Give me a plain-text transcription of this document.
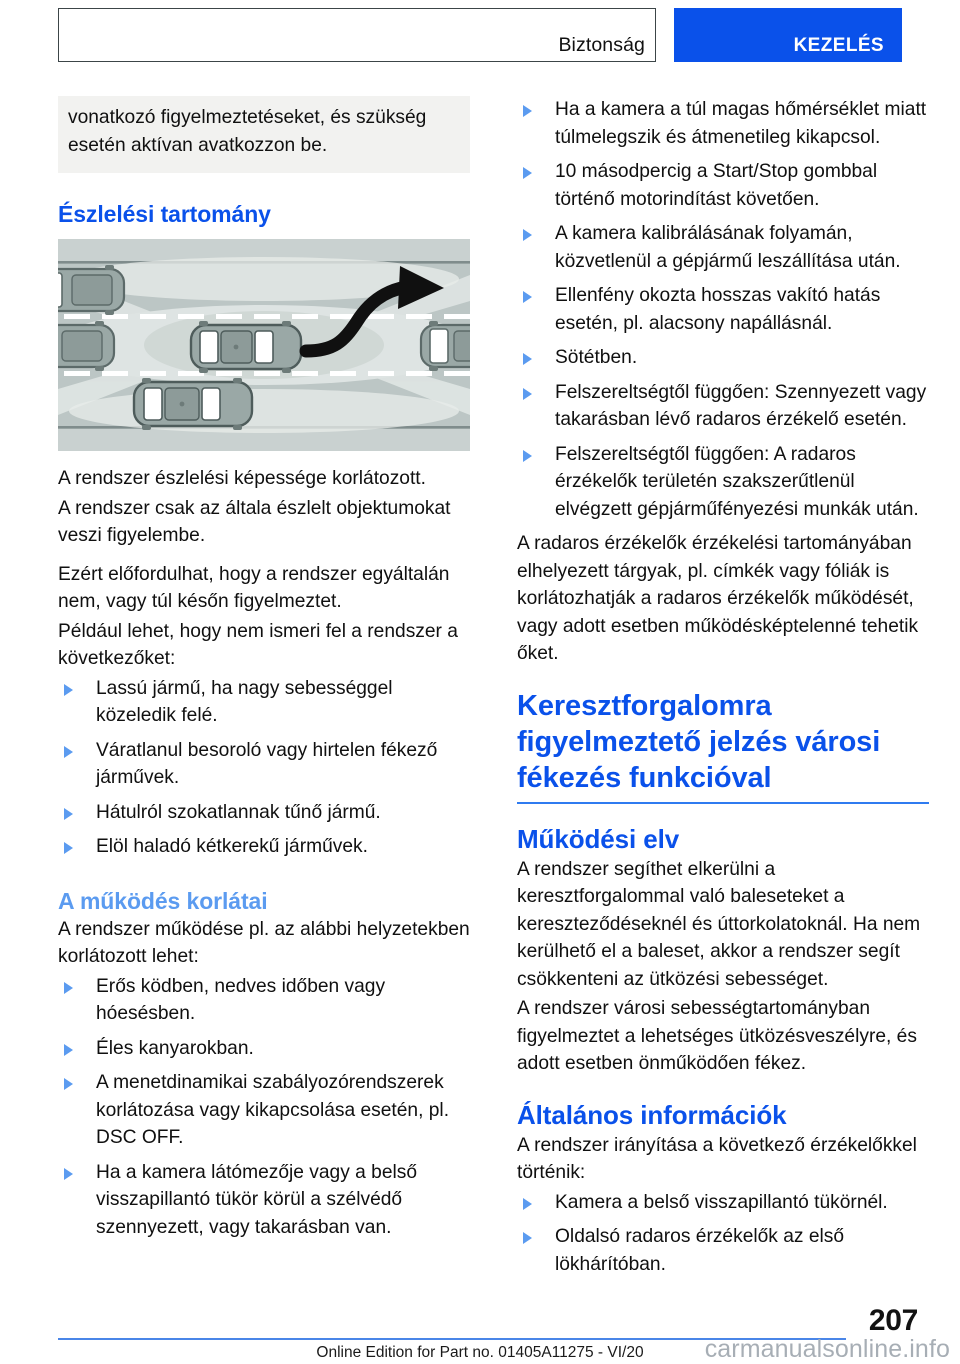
Biztonság	KEZELÉS

vonatkozó figyelmeztetéseket, és szükség esetén aktívan avatkozzon be.

Észlelési tartomány

A rendszer észlelési képessége korlátozott.

A rendszer csak az általa észlelt objektumokat veszi figyelembe.

Ezért előfordulhat, hogy a rendszer egyáltalán nem, vagy túl későn figyelmeztet.

Például lehet, hogy nem ismeri fel a rendszer a következőket:

Lassú jármű, ha nagy sebességgel közeledik felé.
Váratlanul besoroló vagy hirtelen fékező járművek.
Hátulról szokatlannak tűnő jármű.
Elöl haladó kétkerekű járművek.
A működés korlátai

A rendszer működése pl. az alábbi helyzetekben korlátozott lehet:

Erős ködben, nedves időben vagy hóesésben.
Éles kanyarokban.
A menetdinamikai szabályozórendszerek korlátozása vagy kikapcsolása esetén, pl. DSC OFF.
Ha a kamera látómezője vagy a belső visszapillantó tükör körül a szélvédő szennyezett, vagy takarásban van.
Ha a kamera a túl magas hőmérséklet miatt túlmelegszik és átmenetileg kikapcsol.
10 másodpercig a Start/Stop gombbal történő motorindítást követően.
A kamera kalibrálásának folyamán, közvetlenül a gépjármű leszállítása után.
Ellenfény okozta hosszas vakító hatás esetén, pl. alacsony napállásnál.
Sötétben.
Felszereltségtől függően: Szennyezett vagy takarásban lévő radaros érzékelő esetén.
Felszereltségtől függően: A radaros érzékelők területén szakszerűtlenül elvégzett gépjárműfényezési munkák után.

A radaros érzékelők érzékelési tartományában elhelyezett tárgyak, pl. címkék vagy fóliák is korlátozhatják a radaros érzékelők működését, vagy adott esetben működésképtelenné tehetik őket.

Keresztforgalomra figyelmeztető jelzés városi fékezés funkcióval
Működési elv

A rendszer segíthet elkerülni a keresztforgalommal való baleseteket a kereszteződéseknél és úttorkolatoknál. Ha nem kerülhető el a baleset, akkor a rendszer segít csökkenteni az ütközési sebességet.

A rendszer városi sebességtartományban figyelmeztet a lehetséges ütközésveszélyre, és adott esetben önműködően fékez.

Általános információk

A rendszer irányítása a következő érzékelőkkel történik:

Kamera a belső visszapillantó tükörnél.
Oldalsó radaros érzékelők az első lökhárítóban.
207
Online Edition for Part no. 01405A11275 - VI/20	carmanualsonline.info
